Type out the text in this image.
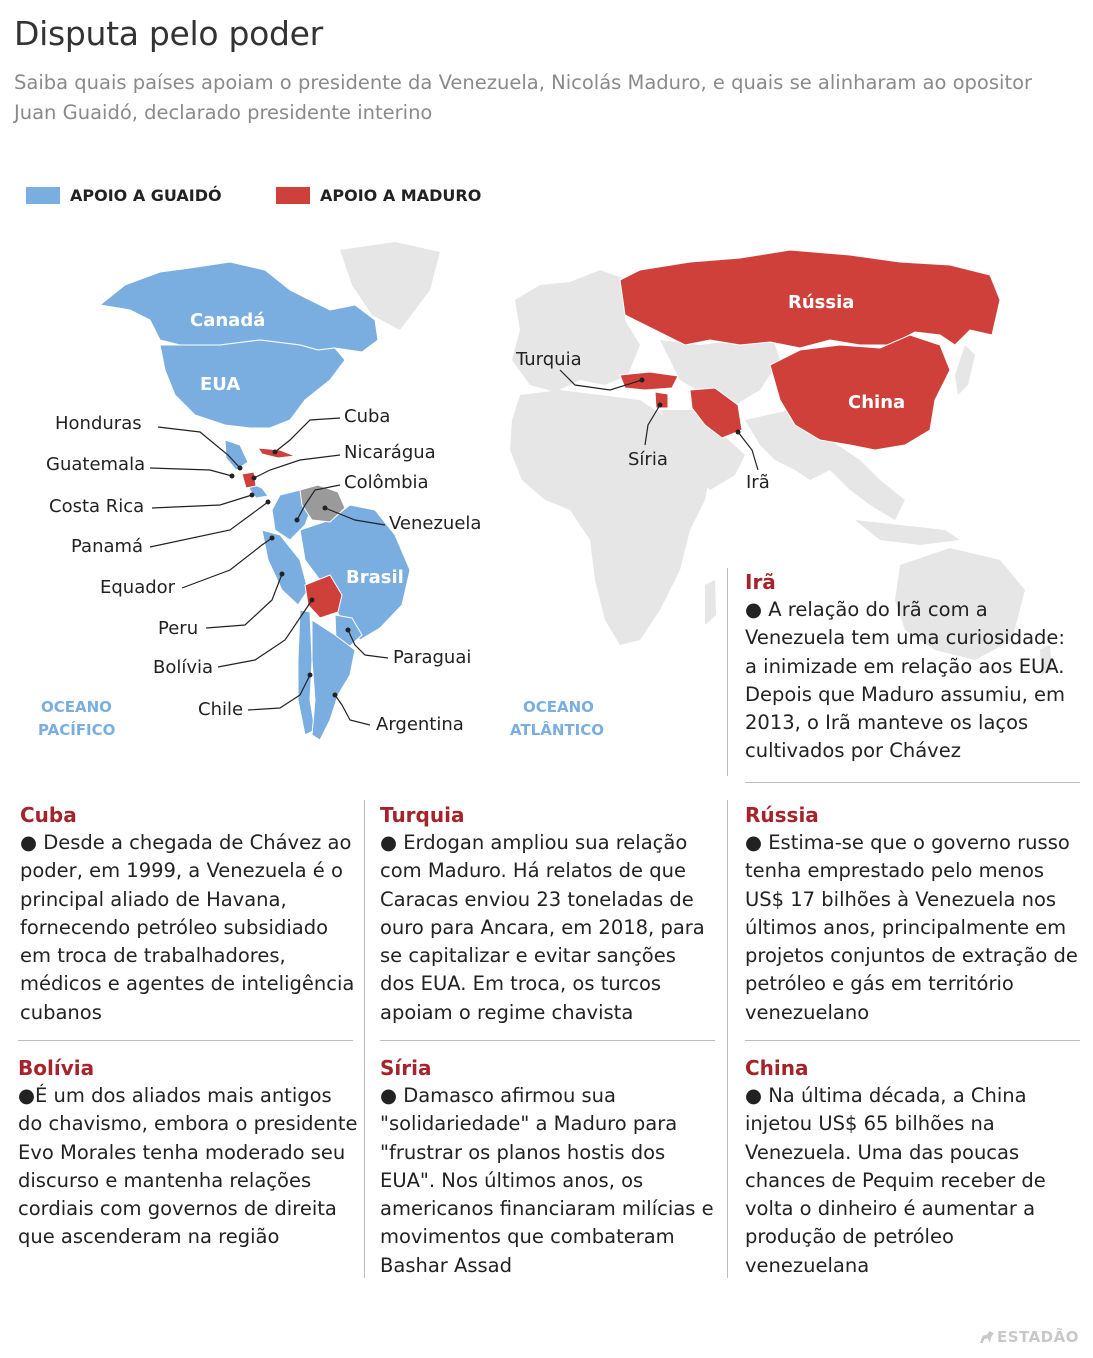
Disputa pelo poder
Saiba quais países apoiam o presidente da Venezuela, Nicolás Maduro, e quais se alinharam ao opositor Juan Guaidó, declarado presidente interino
APOIO A GUAIDÓ	APOIO A MADURO
Canadá
EUA
Brasil
Rússia
China
Cuba
Honduras
Nicarágua
Guatemala
Colômbia
Costa Rica
Venezuela
Panamá
Equador
Peru
Bolívia	Paraguai
Chile
Argentina
Turquia
Síria
Irã
OCEANO
PACÍFICO
OCEANO
ATLÂNTICO
Irã

● A relação do Irã com a Venezuela tem uma curiosidade: a inimizade em relação aos EUA. Depois que Maduro assumiu, em 2013, o Irã manteve os laços cultivados por Chávez

Cuba

● Desde a chegada de Chávez ao poder, em 1999, a Venezuela é o principal aliado de Havana, fornecendo petróleo subsidiado em troca de trabalhadores, médicos e agentes de inteligência cubanos

Turquia

● Erdogan ampliou sua relação com Maduro. Há relatos de que Caracas enviou 23 toneladas de ouro para Ancara, em 2018, para se capitalizar e evitar sanções dos EUA. Em troca, os turcos apoiam o regime chavista

Rússia

● Estima-se que o governo russo tenha emprestado pelo menos US$ 17 bilhões à Venezuela nos últimos anos, principalmente em projetos conjuntos de extração de petróleo e gás em território venezuelano

Bolívia

●É um dos aliados mais antigos do chavismo, embora o presidente Evo Morales tenha moderado seu discurso e mantenha relações cordiais com governos de direita que ascenderam na região

Síria

● Damasco afirmou sua "solidariedade" a Maduro para "frustrar os planos hostis dos EUA". Nos últimos anos, os americanos financiaram milícias e movimentos que combateram Bashar Assad

China

● Na última década, a China injetou US$ 65 bilhões na Venezuela. Uma das poucas chances de Pequim receber de volta o dinheiro é aumentar a produção de petróleo venezuelana

ESTADÃO
